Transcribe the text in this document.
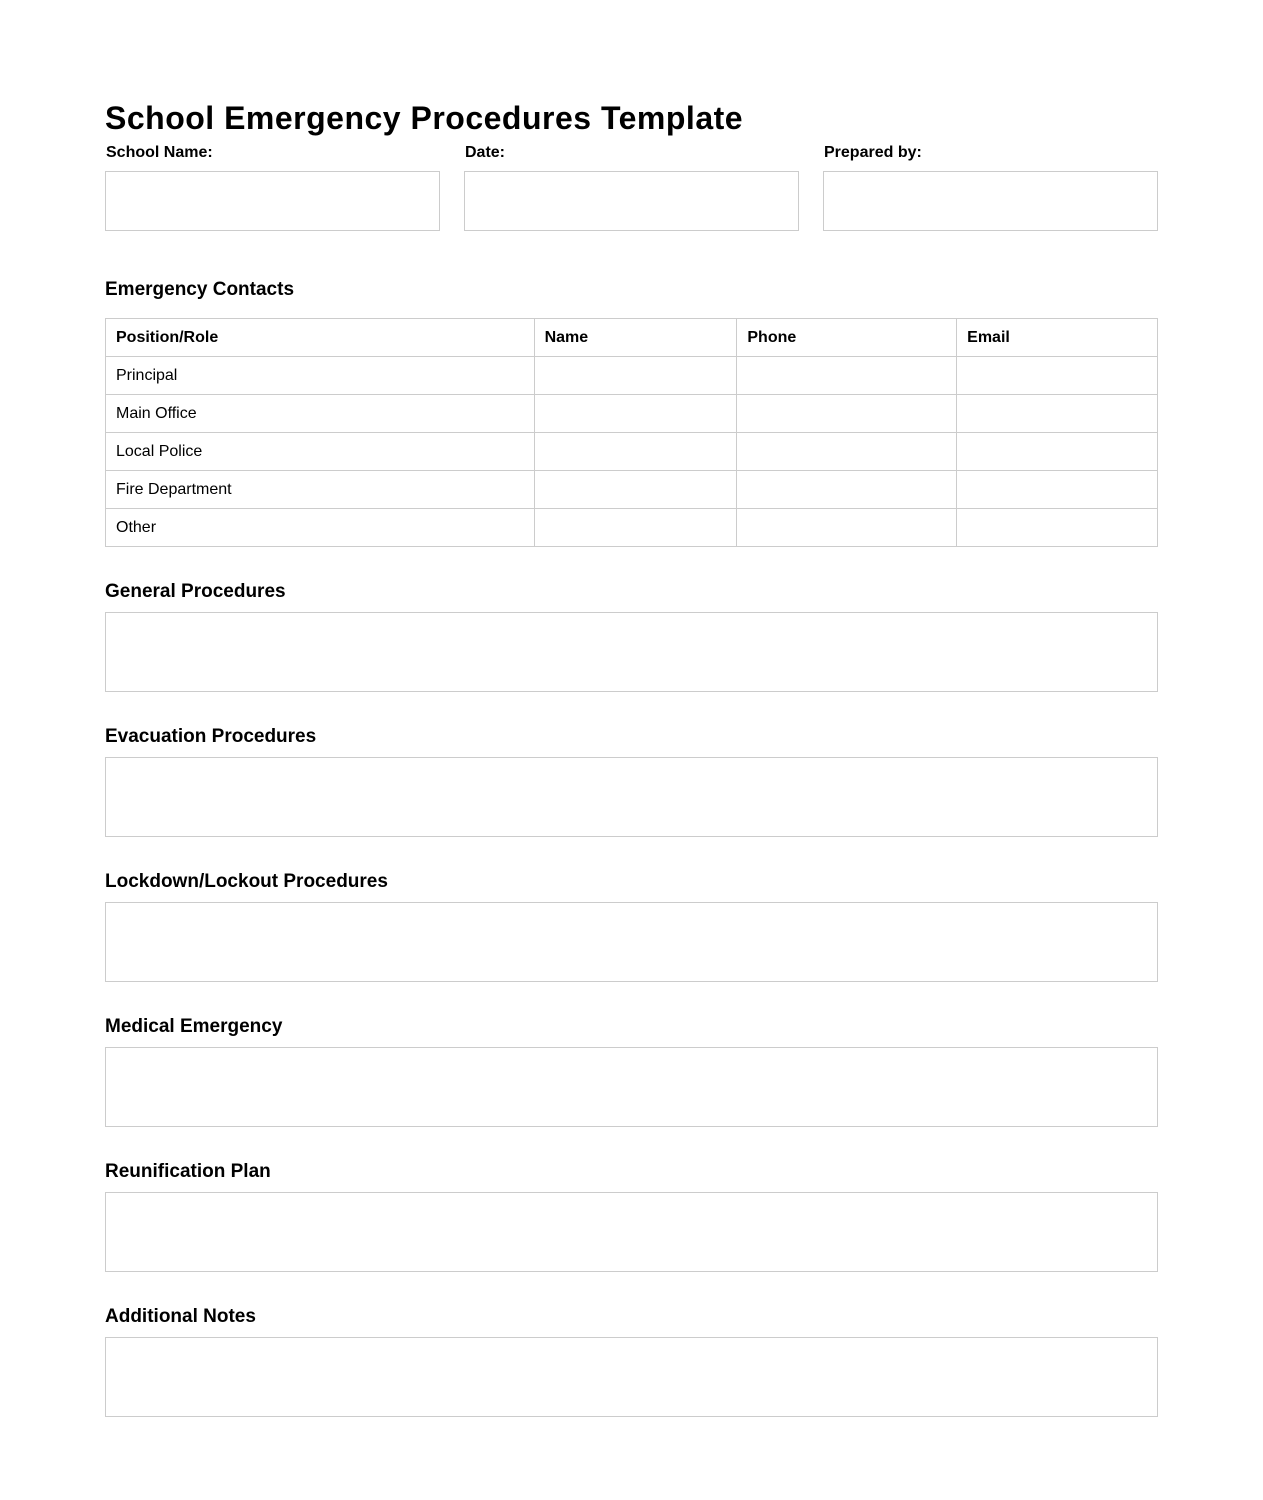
School Emergency Procedures Template
School Name:	Date:	Prepared by:
Emergency Contacts
Position/Role	Name	Phone	Email
Principal			
Main Office			
Local Police			
Fire Department			
Other			
General Procedures
Evacuation Procedures
Lockdown/Lockout Procedures
Medical Emergency
Reunification Plan
Additional Notes
